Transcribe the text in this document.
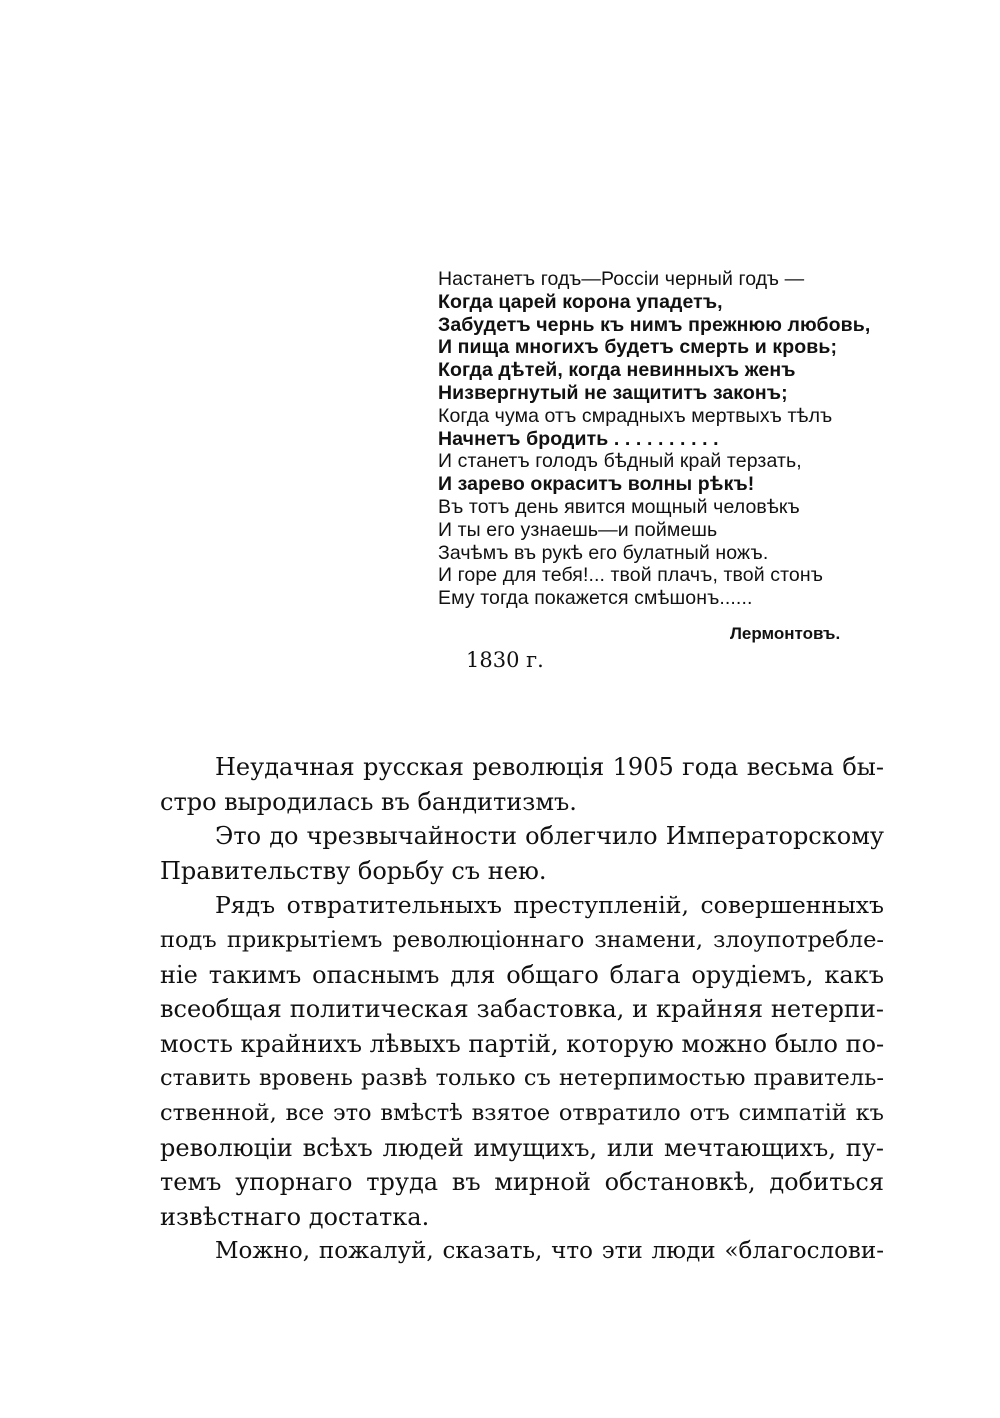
Настанетъ годъ—Россіи черный годъ —

Когда царей корона упадетъ,

Забудетъ чернь къ нимъ прежнюю любовь,

И пища многихъ будетъ смерть и кровь;

Когда дѣтей, когда невинныхъ женъ

Низвергнутый не защититъ законъ;

Когда чума отъ смрадныхъ мертвыхъ тѣлъ

Начнетъ бродить . . . . . . . . . .

И станетъ голодъ бѣдный край терзать,

И зарево окраситъ волны рѣкъ!

Въ тотъ день явится мощный человѣкъ

И ты его узнаешь—и поймешь

Зачѣмъ въ рукѣ его булатный ножъ.

И горе для тебя!... твой плачъ, твой стонъ

Ему тогда покажется смѣшонъ......

Лермонтовъ.
1830 г.

Неудачная русская революція 1905 года весьма бы-
стро выродилась въ бандитизмъ.

Это до чрезвычайности облегчило Императорскому
Правительству борьбу съ нею.

Рядъ отвратительныхъ преступленій, совершенныхъ
подъ прикрытіемъ революціоннаго знамени, злоупотребле-
ніе такимъ опаснымъ для общаго блага орудіемъ, какъ
всеобщая политическая забастовка, и крайняя нетерпи-
мость крайнихъ лѣвыхъ партій, которую можно было по-
ставить вровень развѣ только съ нетерпимостью правитель-
ственной, все это вмѣстѣ взятое отвратило отъ симпатій къ
революціи всѣхъ людей имущихъ, или мечтающихъ, пу-
темъ упорнаго труда въ мирной обстановкѣ, добиться
извѣстнаго достатка.

Можно, пожалуй, сказать, что эти люди «благослови-
